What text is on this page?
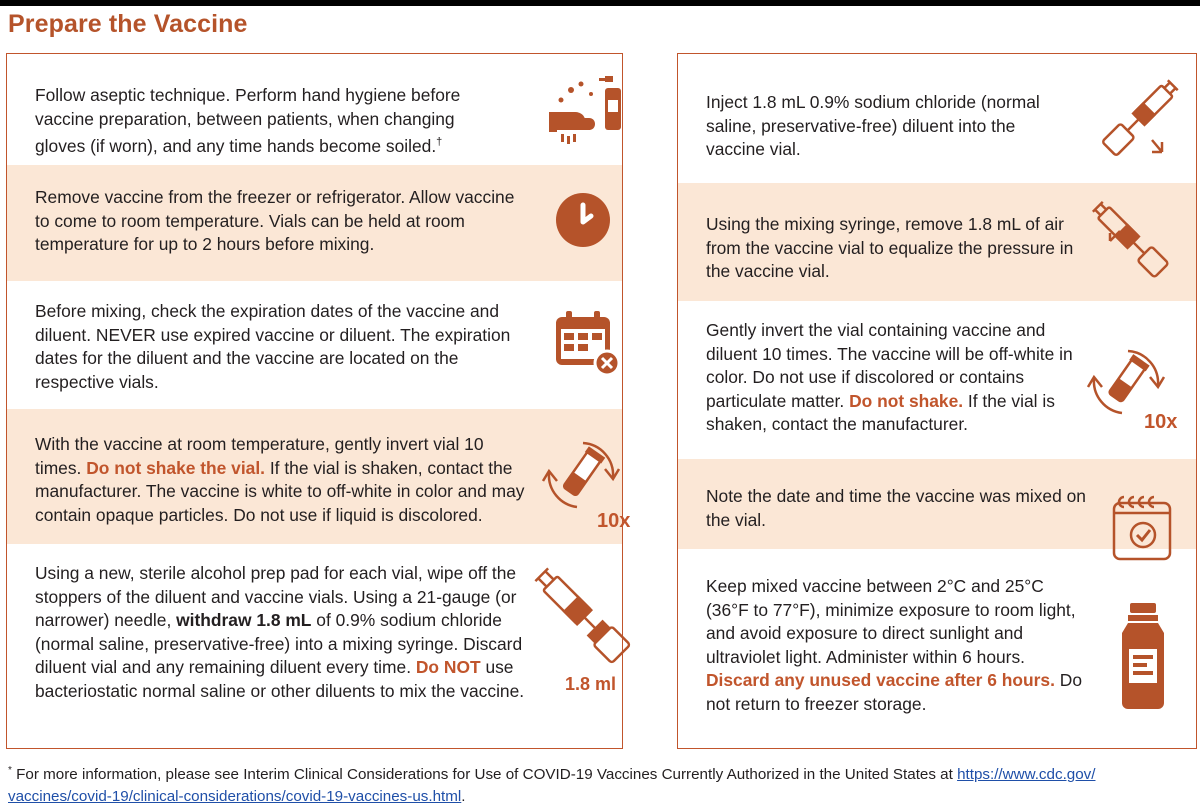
Prepare the Vaccine

Follow aseptic technique. Perform hand hygiene before vaccine preparation, between patients, when changing gloves (if worn), and any time hands become soiled.†

Remove vaccine from the freezer or refrigerator. Allow vaccine to come to room temperature. Vials can be held at room temperature for up to 2 hours before mixing.

Before mixing, check the expiration dates of the vaccine and diluent. NEVER use expired vaccine or diluent. The expiration dates for the diluent and the vaccine are located on the respective vials.

With the vaccine at room temperature, gently invert vial 10 times. Do not shake the vial. If the vial is shaken, contact the manufacturer. The vaccine is white to off-white in color and may contain opaque particles. Do not use if liquid is discolored.	10x

Using a new, sterile alcohol prep pad for each vial, wipe off the stoppers of the diluent and vaccine vials. Using a 21-gauge (or narrower) needle, withdraw 1.8 mL of 0.9% sodium chloride (normal saline, preservative-free) into a mixing syringe. Discard diluent vial and any remaining diluent every time. Do NOT use bacteriostatic normal saline or other diluents to mix the vaccine.	1.8 ml

Inject 1.8 mL 0.9% sodium chloride (normal saline, preservative-free) diluent into the vaccine vial.

Using the mixing syringe, remove 1.8 mL of air from the vaccine vial to equalize the pressure in the vaccine vial.

Gently invert the vial containing vaccine and diluent 10 times. The vaccine will be off-white in color. Do not use if discolored or contains particulate matter. Do not shake. If the vial is shaken, contact the manufacturer.	10x

Note the date and time the vaccine was mixed on the vial.

Keep mixed vaccine between 2°C and 25°C (36°F to 77°F), minimize exposure to room light, and avoid exposure to direct sunlight and ultraviolet light. Administer within 6 hours. Discard any unused vaccine after 6 hours. Do not return to freezer storage.

* For more information, please see Interim Clinical Considerations for Use of COVID-19 Vaccines Currently Authorized in the United States at https://www.cdc.gov/
vaccines/covid-19/clinical-considerations/covid-19-vaccines-us.html.
